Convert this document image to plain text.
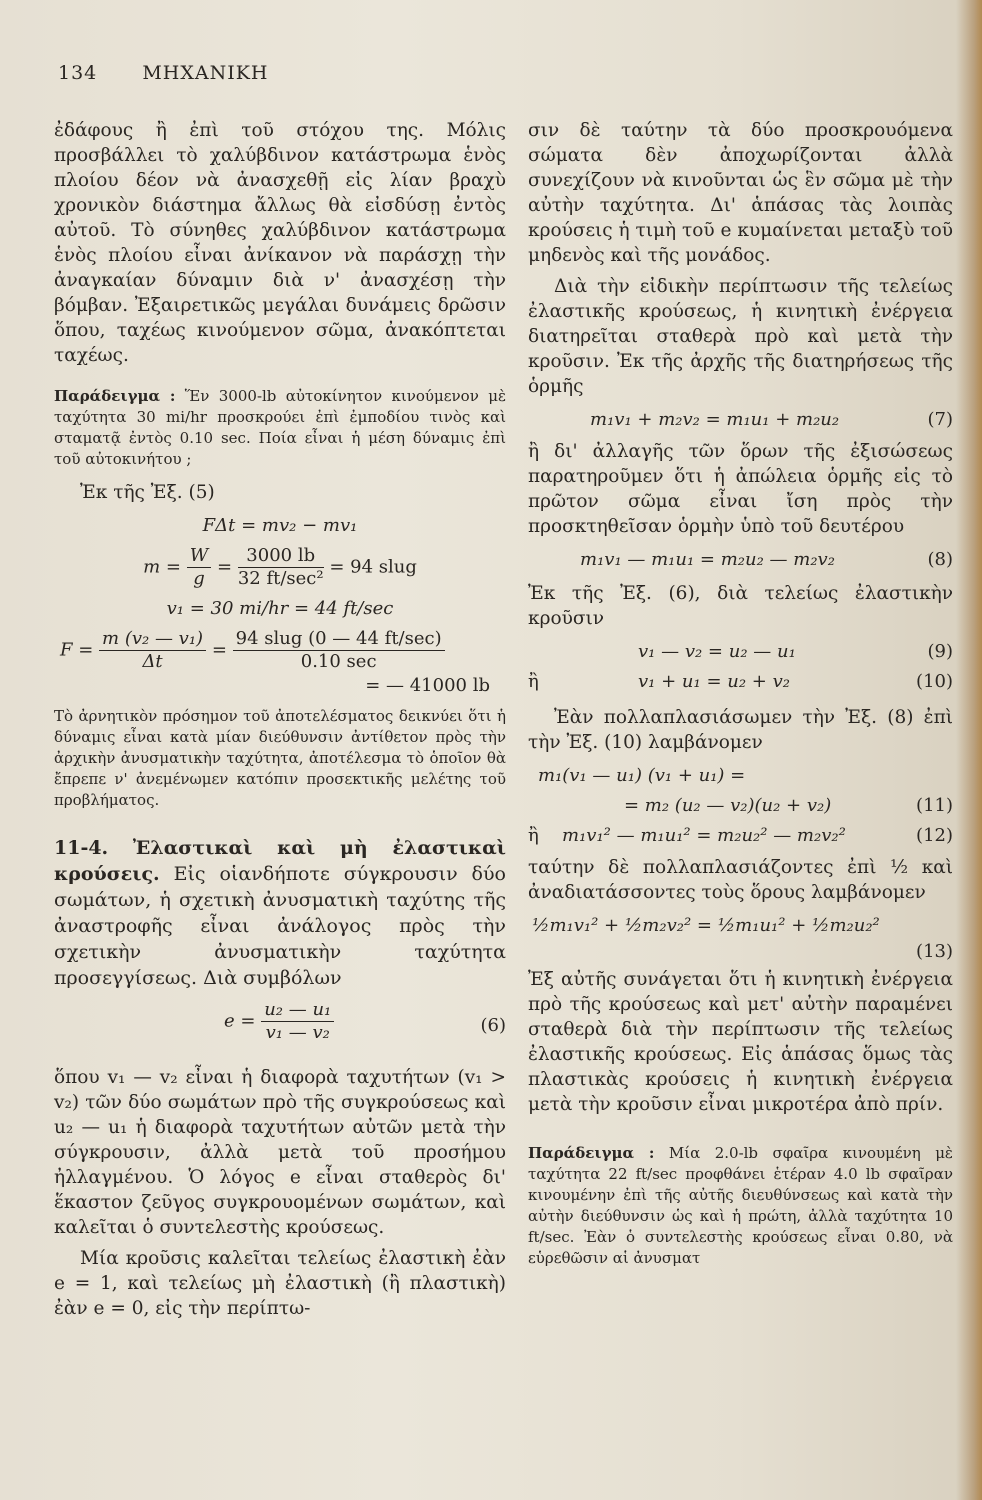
134 ΜΗΧΑΝΙΚΗ

ἐδάφους ἢ ἐπὶ τοῦ στόχου της. Μόλις προσβάλλει τὸ χαλύβδινον κατάστρωμα ἑνὸς πλοίου δέον νὰ ἀνασχεθῇ εἰς λίαν βραχὺ χρονικὸν διάστημα ἄλλως θὰ εἰσδύσῃ ἐντὸς αὐτοῦ. Τὸ σύνηθες χαλύβδινον κατάστρωμα ἑνὸς πλοίου εἶναι ἀνίκανον νὰ παράσχῃ τὴν ἀναγκαίαν δύναμιν διὰ ν' ἀνασχέσῃ τὴν βόμβαν. Ἐξαιρετικῶς μεγάλαι δυνάμεις δρῶσιν ὅπου, ταχέως κινούμενον σῶμα, ἀνακόπτεται ταχέως.

Παράδειγμα : Ἕν 3000-lb αὐτοκίνητον κινούμενον μὲ ταχύτητα 30 mi/hr προσκρούει ἐπὶ ἐμποδίου τινὸς καὶ σταματᾷ ἐντὸς 0.10 sec. Ποία εἶναι ἡ μέση δύναμις ἐπὶ τοῦ αὐτοκινήτου ;

Ἐκ τῆς Ἐξ. (5)

FΔt = mv₂ − mv₁
$m = \frac{W}{g} = \frac{3000 lb}{\text{32 ft/sec²}} = 94$ slug
v₁ = 30 mi/hr = 44 ft/sec
$F = \frac{\text{m (v₂ — v₁)}}{\Delta t} = \frac{\text{94 slug (0 — 44 ft/sec)}}{0.10 \sec}$
= — 41000 lb

Τὸ ἀρνητικὸν πρόσημον τοῦ ἀποτελέσματος δεικνύει ὅτι ἡ δύναμις εἶναι κατὰ μίαν διεύθυνσιν ἀντίθετον πρὸς τὴν ἀρχικὴν ἀνυσματικὴν ταχύτητα, ἀποτέλεσμα τὸ ὁποῖον θὰ ἔπρεπε ν' ἀνεμένωμεν κατόπιν προσεκτικῆς μελέτης τοῦ προβλήματος.

11-4. Ἐλαστικαὶ καὶ μὴ ἐλαστικαὶ κρούσεις. Εἰς οἱανδήποτε σύγκρουσιν δύο σωμάτων, ἡ σχετικὴ ἀνυσματικὴ ταχύτης τῆς ἀναστροφῆς εἶναι ἀνάλογος πρὸς τὴν σχετικὴν ἀνυσματικὴν ταχύτητα προσεγγίσεως. Διὰ συμβόλων

$e = \frac{\text{u₂ — u₁}}{\text{v₁ — v₂}}$	(6)

ὅπου v₁ — v₂ εἶναι ἡ διαφορὰ ταχυτήτων (v₁ > v₂) τῶν δύο σωμάτων πρὸ τῆς συγκρούσεως καὶ u₂ — u₁ ἡ διαφορὰ ταχυτήτων αὐτῶν μετὰ τὴν σύγκρουσιν, ἀλλὰ μετὰ τοῦ προσήμου ἠλλαγμένου. Ὁ λόγος e εἶναι σταθερὸς δι' ἕκαστον ζεῦγος συγκρουομένων σωμάτων, καὶ καλεῖται ὁ συντελεστὴς κρούσεως.

Μία κροῦσις καλεῖται τελείως ἐλαστικὴ ἐὰν e = 1, καὶ τελείως μὴ ἐλαστικὴ (ἢ πλαστικὴ) ἐὰν e = 0, εἰς τὴν περίπτω-

σιν δὲ ταύτην τὰ δύο προσκρουόμενα σώματα δὲν ἀποχωρίζονται ἀλλὰ συνεχίζουν νὰ κινοῦνται ὡς ἓν σῶμα μὲ τὴν αὐτὴν ταχύτητα. Δι' ἁπάσας τὰς λοιπὰς κρούσεις ἡ τιμὴ τοῦ e κυμαίνεται μεταξὺ τοῦ μηδενὸς καὶ τῆς μονάδος.

Διὰ τὴν εἰδικὴν περίπτωσιν τῆς τελείως ἐλαστικῆς κρούσεως, ἡ κινητικὴ ἐνέργεια διατηρεῖται σταθερὰ πρὸ καὶ μετὰ τὴν κροῦσιν. Ἐκ τῆς ἀρχῆς τῆς διατηρήσεως τῆς ὁρμῆς

m₁v₁ + m₂v₂ = m₁u₁ + m₂u₂	(7)

ἢ δι' ἀλλαγῆς τῶν ὅρων τῆς ἐξισώσεως παρατηροῦμεν ὅτι ἡ ἀπώλεια ὁρμῆς εἰς τὸ πρῶτον σῶμα εἶναι ἴση πρὸς τὴν προσκτηθεῖσαν ὁρμὴν ὑπὸ τοῦ δευτέρου

m₁v₁ — m₁u₁ = m₂u₂ — m₂v₂	(8)

Ἐκ τῆς Ἐξ. (6), διὰ τελείως ἐλαστικὴν κροῦσιν

v₁ — v₂ = u₂ — u₁	(9)
ἢ	v₁ + u₁ = u₂ + v₂	(10)

Ἐὰν πολλαπλασιάσωμεν τὴν Ἐξ. (8) ἐπὶ τὴν Ἐξ. (10) λαμβάνομεν

m₁(v₁ — u₁) (v₁ + u₁) =
= m₂ (u₂ — v₂)(u₂ + v₂)	(11)
ἢ m₁v₁² — m₁u₁² = m₂u₂² — m₂v₂²	(12)

ταύτην δὲ πολλαπλασιάζοντες ἐπὶ ½ καὶ ἀναδιατάσσοντες τοὺς ὅρους λαμβάνομεν

½m₁v₁² + ½m₂v₂² = ½m₁u₁² + ½m₂u₂²
(13)

Ἐξ αὐτῆς συνάγεται ὅτι ἡ κινητικὴ ἐνέργεια πρὸ τῆς κρούσεως καὶ μετ' αὐτὴν παραμένει σταθερὰ διὰ τὴν περίπτωσιν τῆς τελείως ἐλαστικῆς κρούσεως. Εἰς ἁπάσας ὅμως τὰς πλαστικὰς κρούσεις ἡ κινητικὴ ἐνέργεια μετὰ τὴν κροῦσιν εἶναι μικροτέρα ἀπὸ πρίν.

Παράδειγμα : Μία 2.0-lb σφαῖρα κινουμένη μὲ ταχύτητα 22 ft/sec προφθάνει ἑτέραν 4.0 lb σφαῖραν κινουμένην ἐπὶ τῆς αὐτῆς διευθύνσεως καὶ κατὰ τὴν αὐτὴν διεύθυνσιν ὡς καὶ ἡ πρώτη, ἀλλὰ ταχύτητα 10 ft/sec. Ἐὰν ὁ συντελεστὴς κρούσεως εἶναι 0.80, νὰ εὑρεθῶσιν αἱ ἀνυσματ
